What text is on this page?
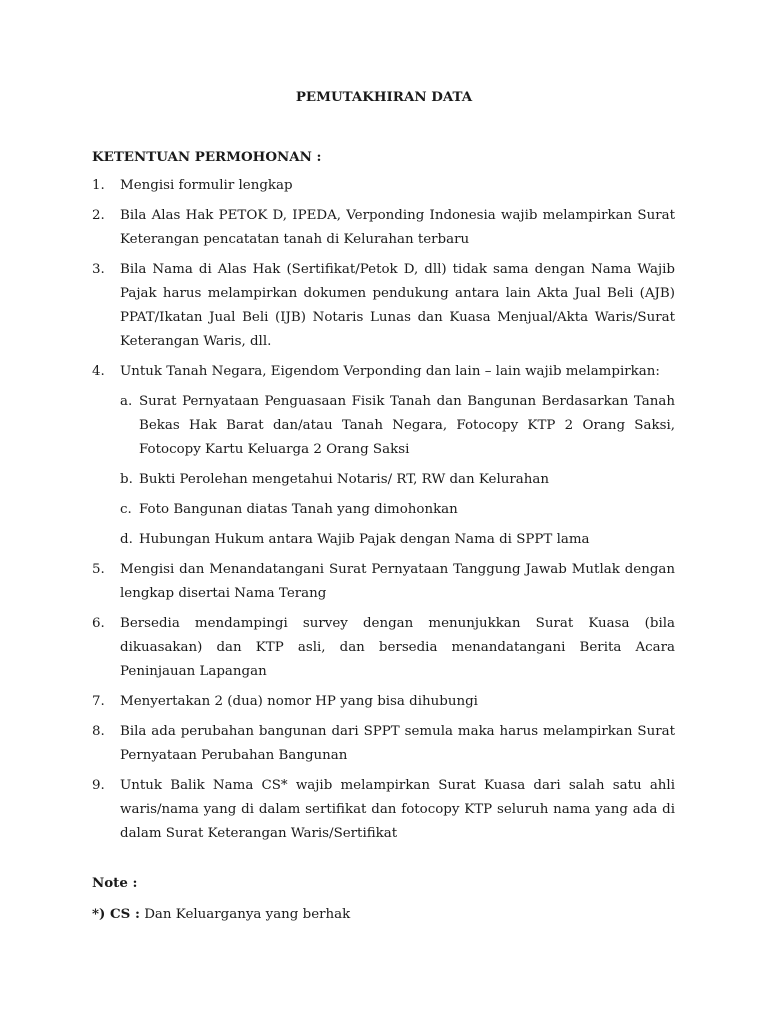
PEMUTAKHIRAN DATA
KETENTUAN PERMOHONAN :
1. Mengisi formulir lengkap
2. Bila Alas Hak PETOK D, IPEDA, Verponding Indonesia wajib melampirkan Surat Keterangan pencatatan tanah di Kelurahan terbaru
3. Bila Nama di Alas Hak (Sertifikat/Petok D, dll) tidak sama dengan Nama Wajib Pajak harus melampirkan dokumen pendukung antara lain Akta Jual Beli (AJB) PPAT/Ikatan Jual Beli (IJB) Notaris Lunas dan Kuasa Menjual/Akta Waris/Surat Keterangan Waris, dll.
4. Untuk Tanah Negara, Eigendom Verponding dan lain – lain wajib melampirkan:
a. Surat Pernyataan Penguasaan Fisik Tanah dan Bangunan Berdasarkan Tanah Bekas Hak Barat dan/atau Tanah Negara, Fotocopy KTP 2 Orang Saksi, Fotocopy Kartu Keluarga 2 Orang Saksi
b. Bukti Perolehan mengetahui Notaris/ RT, RW dan Kelurahan
c. Foto Bangunan diatas Tanah yang dimohonkan
d. Hubungan Hukum antara Wajib Pajak dengan Nama di SPPT lama
5. Mengisi dan Menandatangani Surat Pernyataan Tanggung Jawab Mutlak dengan lengkap disertai Nama Terang
6. Bersedia mendampingi survey dengan menunjukkan Surat Kuasa (bila dikuasakan) dan KTP asli, dan bersedia menandatangani Berita Acara Peninjauan Lapangan
7. Menyertakan 2 (dua) nomor HP yang bisa dihubungi
8. Bila ada perubahan bangunan dari SPPT semula maka harus melampirkan Surat Pernyataan Perubahan Bangunan
9. Untuk Balik Nama CS* wajib melampirkan Surat Kuasa dari salah satu ahli waris/nama yang di dalam sertifikat dan fotocopy KTP seluruh nama yang ada di dalam Surat Keterangan Waris/Sertifikat
Note :
*) CS : Dan Keluarganya yang berhak
